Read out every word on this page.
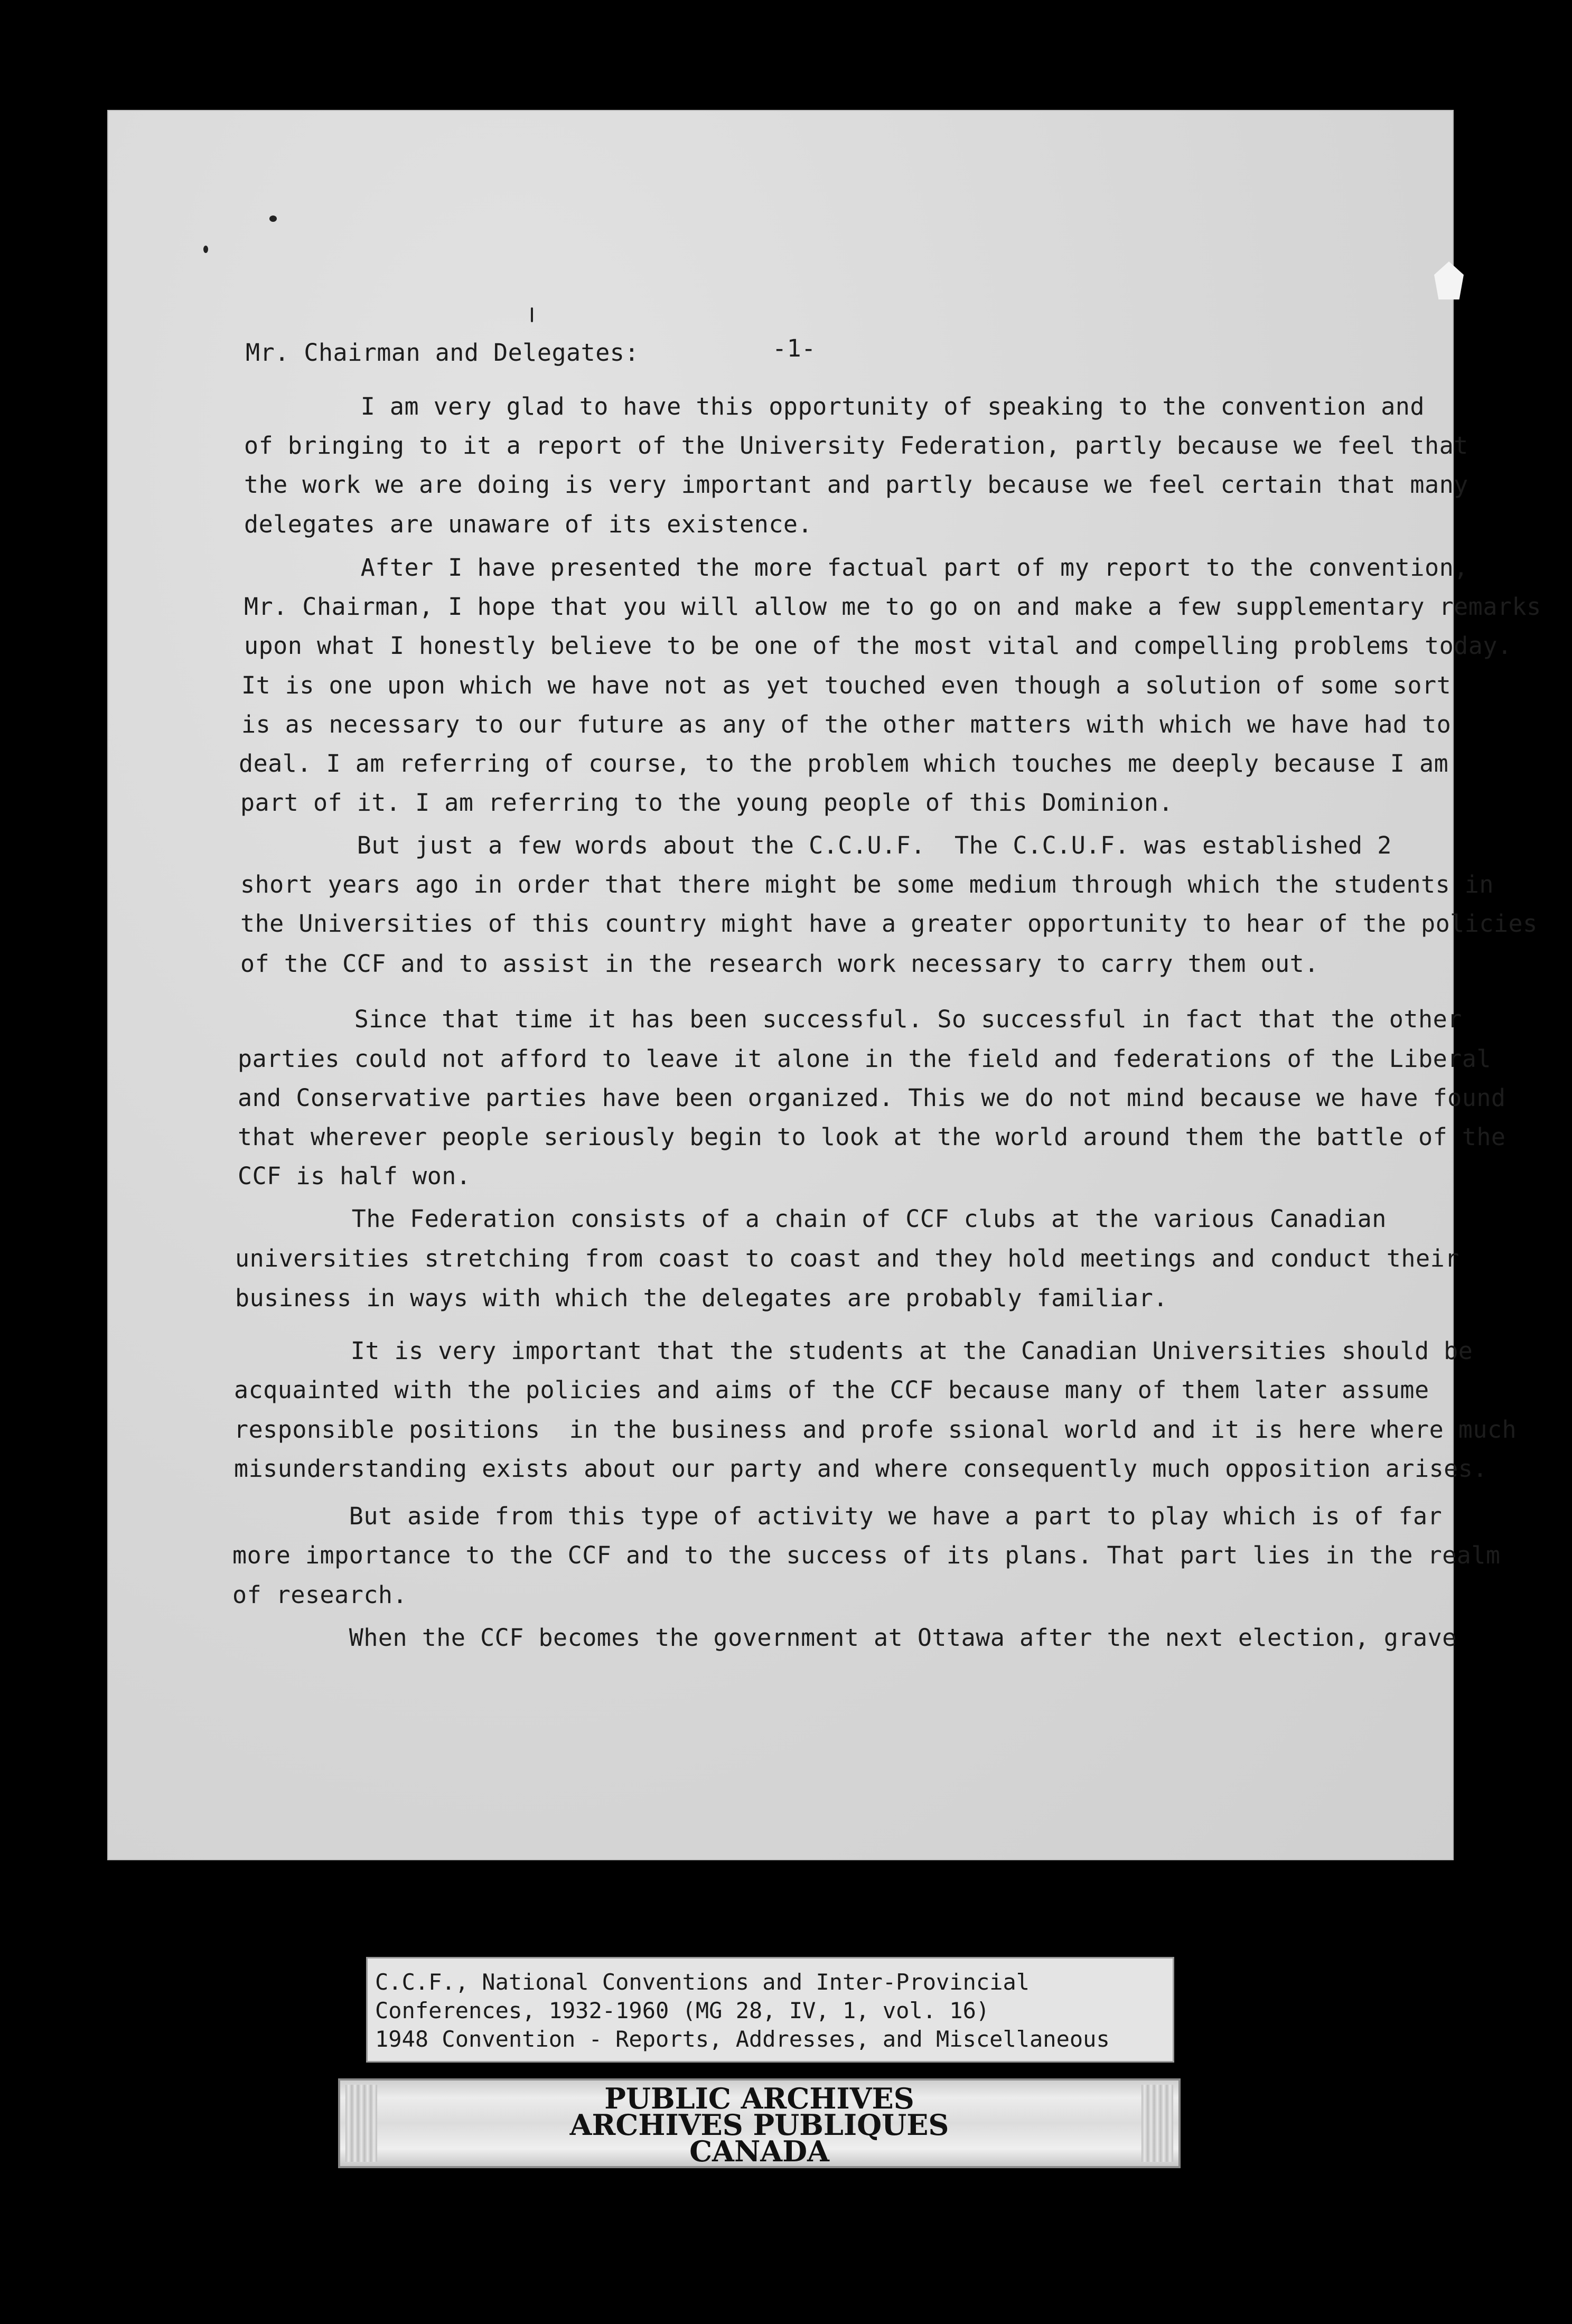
Mr. Chairman and Delegates:	-1-

I am very glad to have this opportunity of speaking to the convention and

of bringing to it a report of the University Federation, partly because we feel that

the work we are doing is very important and partly because we feel certain that many

delegates are unaware of its existence.

After I have presented the more factual part of my report to the convention,

Mr. Chairman, I hope that you will allow me to go on and make a few supplementary remarks

upon what I honestly believe to be one of the most vital and compelling problems today.

It is one upon which we have not as yet touched even though a solution of some sort

is as necessary to our future as any of the other matters with which we have had to

deal. I am referring of course, to the problem which touches me deeply because I am

part of it. I am referring to the young people of this Dominion.

But just a few words about the C.C.U.F.  The C.C.U.F. was established 2

short years ago in order that there might be some medium through which the students in

the Universities of this country might have a greater opportunity to hear of the policies

of the CCF and to assist in the research work necessary to carry them out.

Since that time it has been successful. So successful in fact that the other

parties could not afford to leave it alone in the field and federations of the Liberal

and Conservative parties have been organized. This we do not mind because we have found

that wherever people seriously begin to look at the world around them the battle of the

CCF is half won.

The Federation consists of a chain of CCF clubs at the various Canadian

universities stretching from coast to coast and they hold meetings and conduct their

business in ways with which the delegates are probably familiar.

It is very important that the students at the Canadian Universities should be

acquainted with the policies and aims of the CCF because many of them later assume

responsible positions  in the business and profe ssional world and it is here where much

misunderstanding exists about our party and where consequently much opposition arises.

But aside from this type of activity we have a part to play which is of far

more importance to the CCF and to the success of its plans. That part lies in the realm

of research.

When the CCF becomes the government at Ottawa after the next election, grave

C.C.F., National Conventions and Inter-Provincial

Conferences, 1932-1960 (MG 28, IV, 1, vol. 16)

1948 Convention - Reports, Addresses, and Miscellaneous

PUBLIC ARCHIVES

ARCHIVES PUBLIQUES

CANADA
